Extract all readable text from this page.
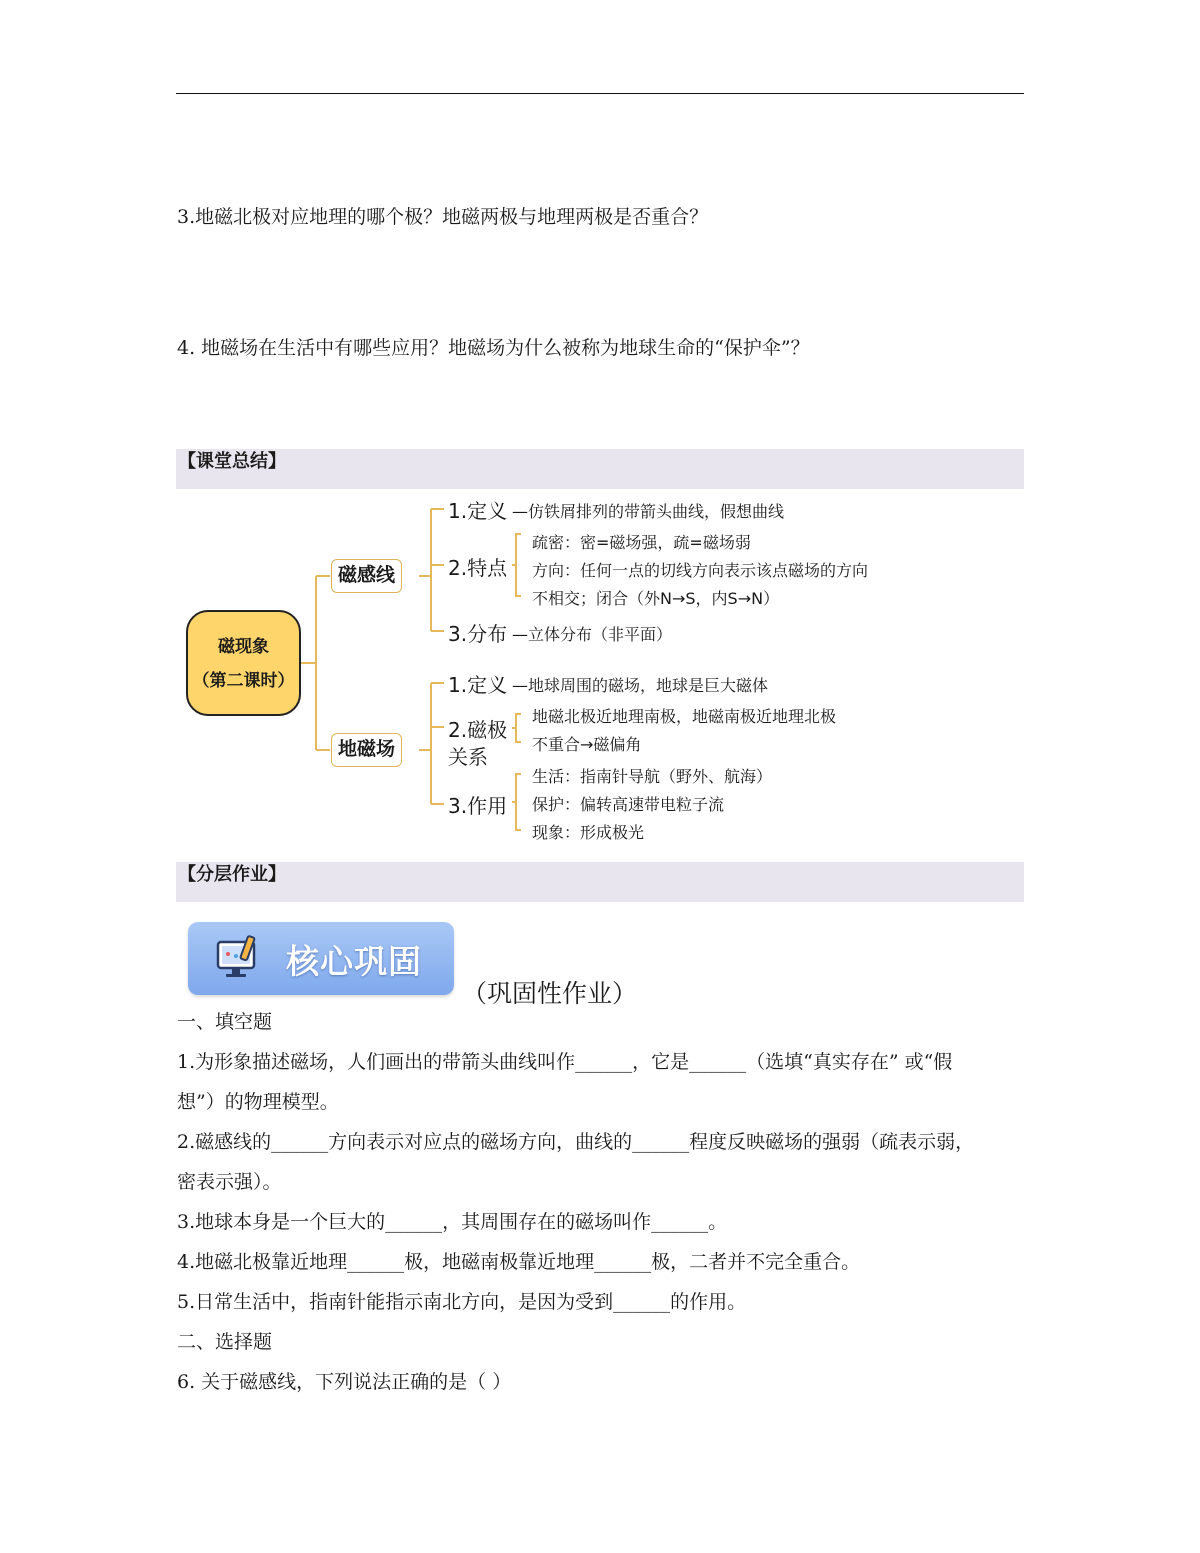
3.地磁北极对应地理的哪个极？地磁两极与地理两极是否重合？
4. 地磁场在生活中有哪些应用？地磁场为什么被称为地球生命的“保护伞”？
【课堂总结】
磁现象
（第二课时）
磁感线
1.定义 —仿铁屑排列的带箭头曲线，假想曲线
2.特点
疏密：密=磁场强，疏=磁场弱
方向：任何一点的切线方向表示该点磁场的方向
不相交；闭合（外N→S，内S→N）
3.分布 —立体分布（非平面）
地磁场
1.定义 —地球周围的磁场，地球是巨大磁体
2.磁极
关系
地磁北极近地理南极，地磁南极近地理北极
不重合→磁偏角
3.作用
生活：指南针导航（野外、航海）
保护：偏转高速带电粒子流
现象：形成极光
【分层作业】
核心巩固
（巩固性作业）
一、填空题
1.为形象描述磁场，人们画出的带箭头曲线叫作______，它是______（选填“真实存在” 或“假
想”）的物理模型。
2.磁感线的______方向表示对应点的磁场方向，曲线的______程度反映磁场的强弱（疏表示弱，
密表示强）。
3.地球本身是一个巨大的______，其周围存在的磁场叫作______。
4.地磁北极靠近地理______极，地磁南极靠近地理______极，二者并不完全重合。
5.日常生活中，指南针能指示南北方向，是因为受到______的作用。
二、选择题
6. 关于磁感线，下列说法正确的是（ ）
